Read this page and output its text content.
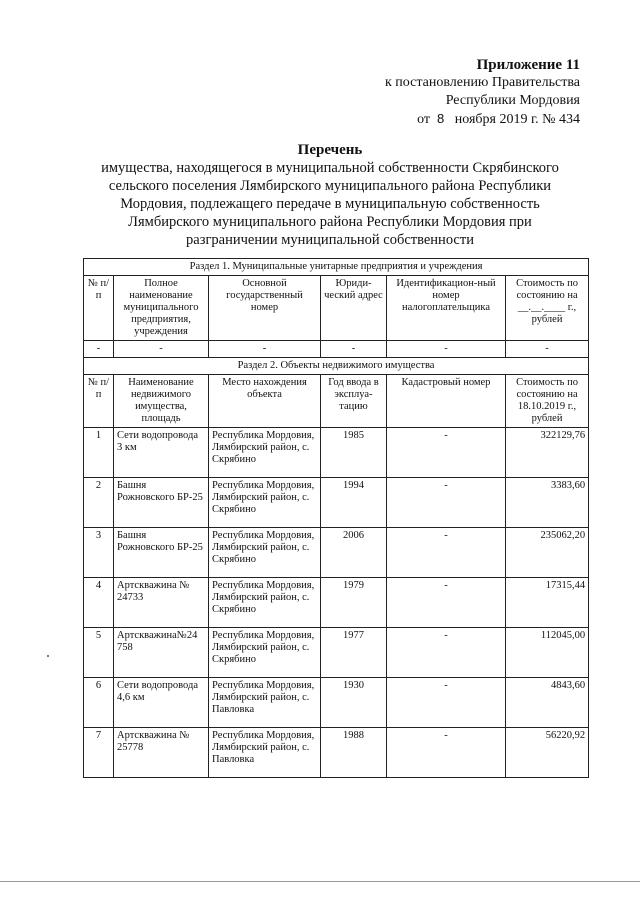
Приложение 11
к постановлению Правительства
Республики Мордовия
от 8 ноября 2019 г. № 434
Перечень
имущества, находящегося в муниципальной собственности Скрябинского
сельского поселения Лямбирского муниципального района Республики
Мордовия, подлежащего передаче в муниципальную собственность
Лямбирского муниципального района Республики Мордовия при
разграничении муниципальной собственности
Раздел 1. Муниципальные унитарные предприятия и учреждения					
№ п/п	Полное наименование муниципального предприятия, учреждения	Основной государственный номер	Юриди-ческий адрес	Идентификацион-ный номер налогоплательщика	Стоимость по состоянию на __.__.____ г., рублей
-	-	-	-	-	-
Раздел 2. Объекты недвижимого имущества					
№ п/п	Наименование недвижимого имущества, площадь	Место нахождения объекта	Год ввода в эксплуа-тацию	Кадастровый номер	Стоимость по состоянию на 18.10.2019 г., рублей
1	Сети водопровода 3 км	Республика Мордовия, Лямбирский район, с. Скрябино	1985	-	322129,76
2	Башня Рожновского БР-25	Республика Мордовия, Лямбирский район, с. Скрябино	1994	-	3383,60
3	Башня Рожновского БР-25	Республика Мордовия, Лямбирский район, с. Скрябино	2006	-	235062,20
4	Артскважина № 24733	Республика Мордовия, Лямбирский район, с. Скрябино	1979	-	17315,44
5	Артскважина№24 758	Республика Мордовия, Лямбирский район, с. Скрябино	1977	-	112045,00
6	Сети водопровода 4,6 км	Республика Мордовия, Лямбирский район, с. Павловка	1930	-	4843,60
7	Артскважина № 25778	Республика Мордовия, Лямбирский район, с. Павловка	1988	-	56220,92
